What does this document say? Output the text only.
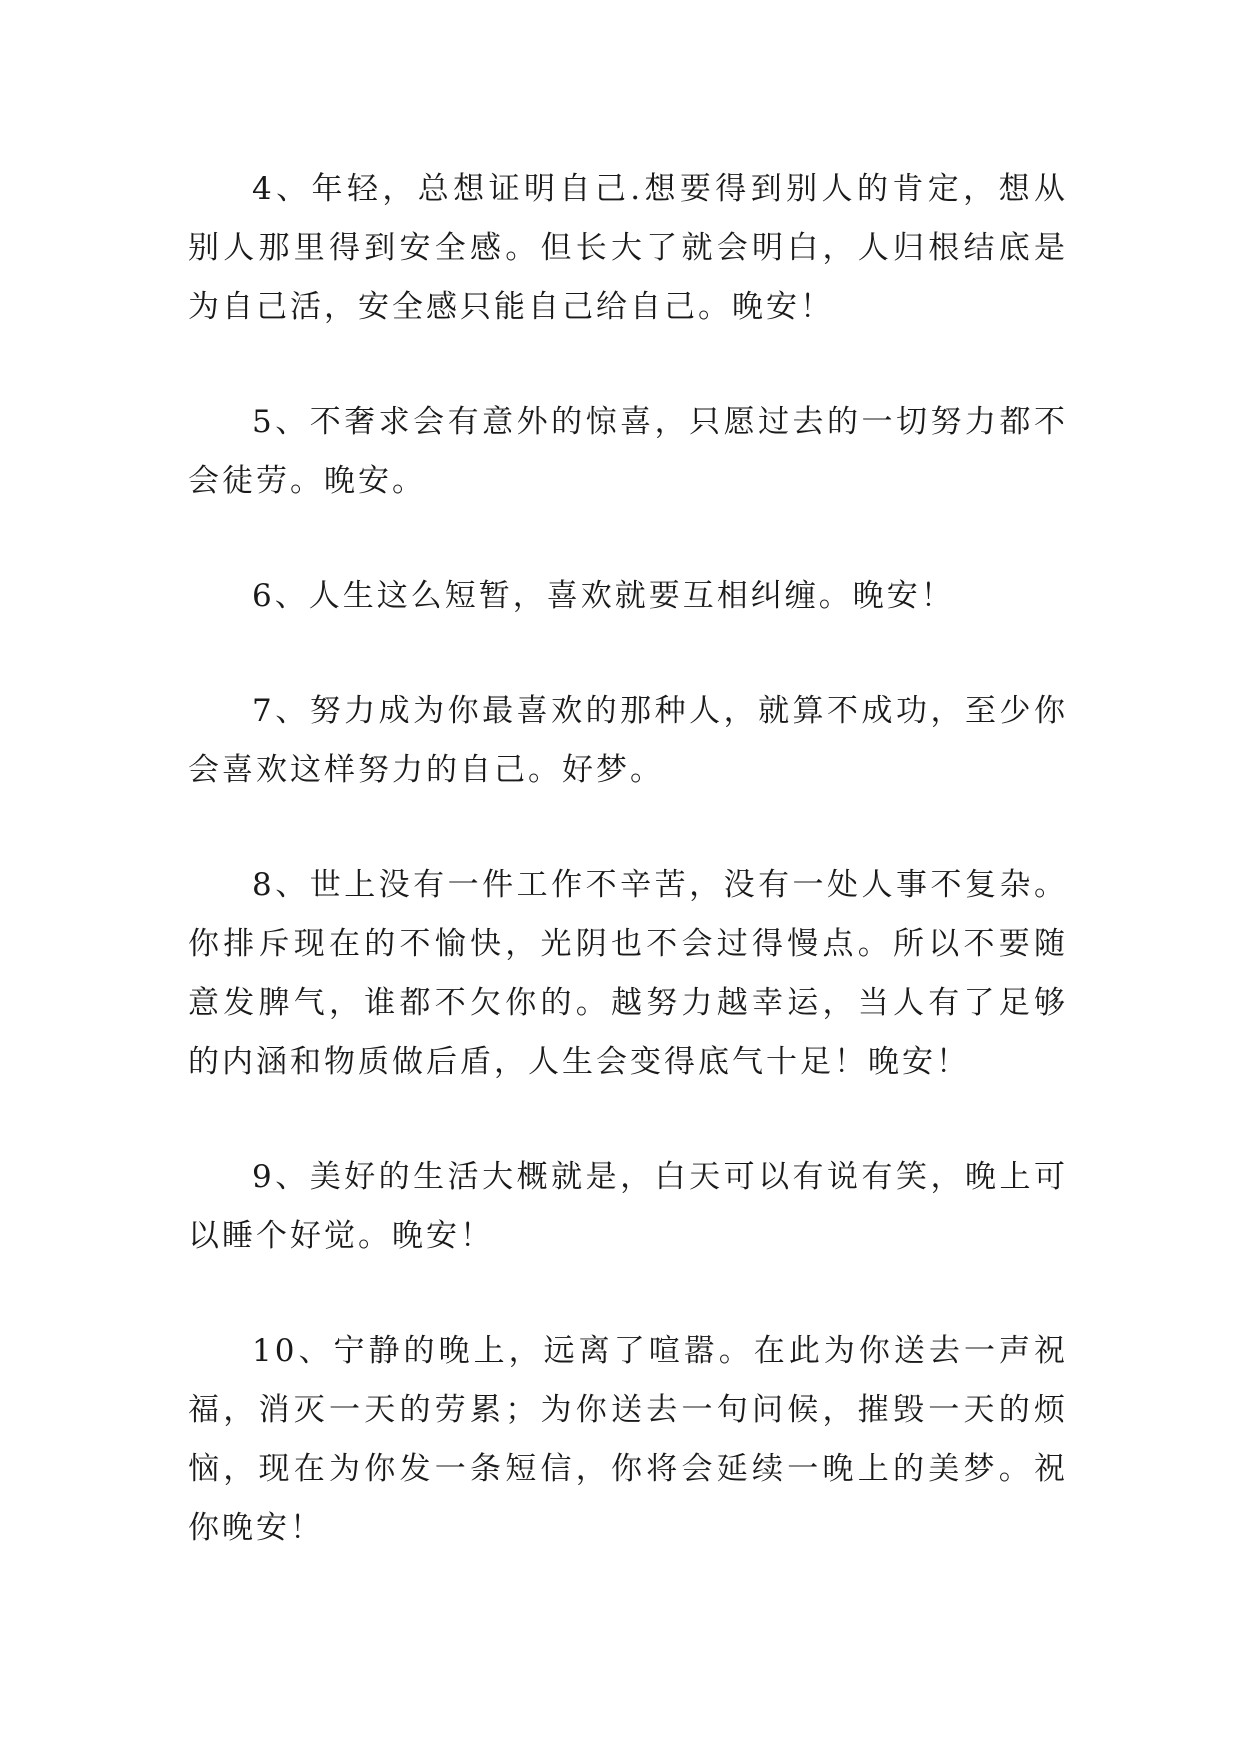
4、年轻，总想证明自己.想要得到别人的肯定，想从别人那里得到安全感。但长大了就会明白，人归根结底是为自己活，安全感只能自己给自己。晚安！

5、不奢求会有意外的惊喜，只愿过去的一切努力都不会徒劳。晚安。

6、人生这么短暂，喜欢就要互相纠缠。晚安！

7、努力成为你最喜欢的那种人，就算不成功，至少你会喜欢这样努力的自己。好梦。

8、世上没有一件工作不辛苦，没有一处人事不复杂。你排斥现在的不愉快，光阴也不会过得慢点。所以不要随意发脾气，谁都不欠你的。越努力越幸运，当人有了足够的内涵和物质做后盾，人生会变得底气十足！晚安！

9、美好的生活大概就是，白天可以有说有笑，晚上可以睡个好觉。晚安！

10、宁静的晚上，远离了喧嚣。在此为你送去一声祝福，消灭一天的劳累；为你送去一句问候，摧毁一天的烦恼，现在为你发一条短信，你将会延续一晚上的美梦。祝你晚安！
